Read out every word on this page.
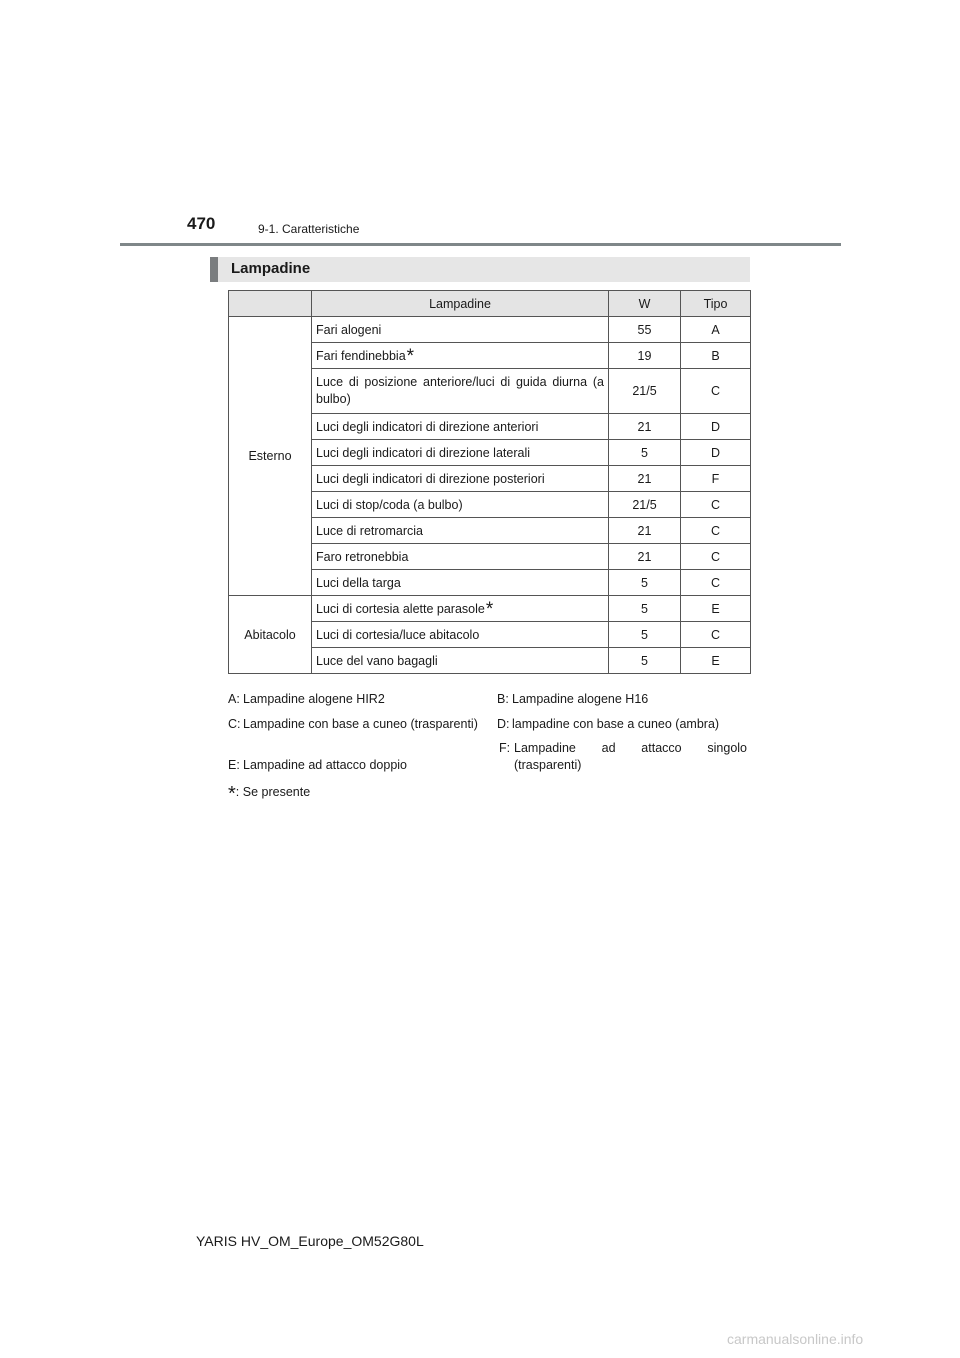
470	9-1. Caratteristiche
Lampadine
	Lampadine	W	Tipo
Esterno	Fari alogeni	55	A
	Fari fendinebbia*	19	B
	Luce di posizione anteriore/luci di guida diurna (a bulbo)	21/5	C
	Luci degli indicatori di direzione anteriori	21	D
	Luci degli indicatori di direzione laterali	5	D
	Luci degli indicatori di direzione posteriori	21	F
	Luci di stop/coda (a bulbo)	21/5	C
	Luce di retromarcia	21	C
	Faro retronebbia	21	C
	Luci della targa	5	C
Abitacolo	Luci di cortesia alette parasole*	5	E
	Luci di cortesia/luce abitacolo	5	C
	Luce del vano bagagli	5	E
A: Lampadine alogene HIR2	B: Lampadine alogene H16
C: Lampadine con base a cuneo (trasparenti)	D: lampadine con base a cuneo (ambra)
E: Lampadine ad attacco doppio
F: Lampadine ad attacco singolo (trasparenti)
*: Se presente
YARIS HV_OM_Europe_OM52G80L
carmanualsonline.info
